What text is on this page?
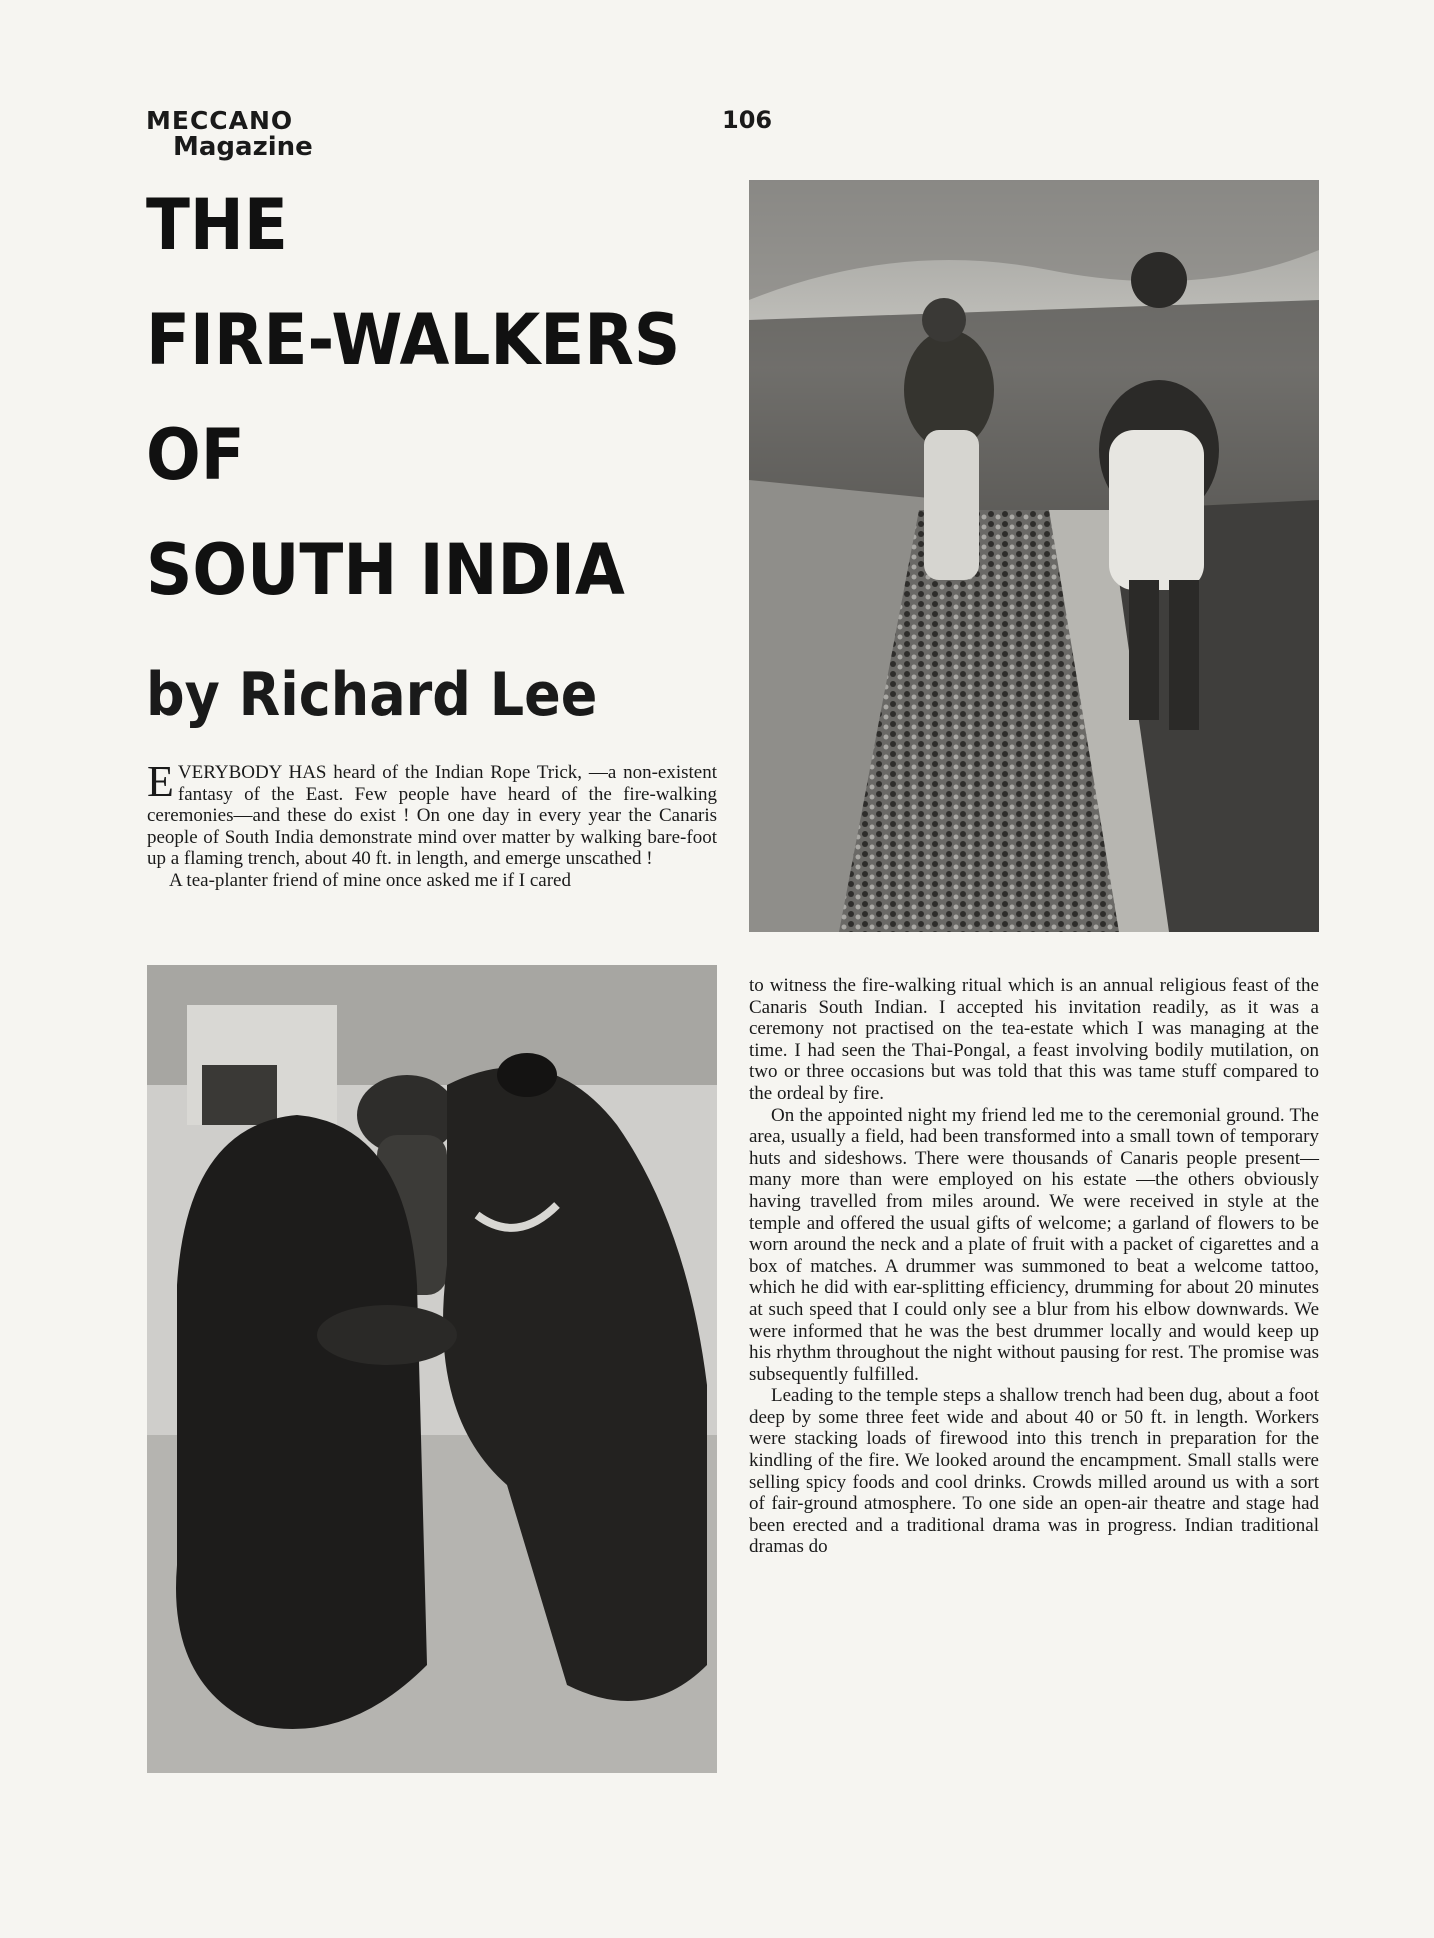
MECCANO
Magazine
106
THE
FIRE-WALKERS
OF
SOUTH INDIA
by Richard Lee

EVERYBODY HAS heard of the Indian Rope Trick, —a non-existent fantasy of the East. Few people have heard of the fire-walking ceremonies—and these do exist ! On one day in every year the Canaris people of South India demonstrate mind over matter by walking bare-foot up a flaming trench, about 40 ft. in length, and emerge unscathed !

A tea-planter friend of mine once asked me if I cared

to witness the fire-walking ritual which is an annual religious feast of the Canaris South Indian. I accepted his invitation readily, as it was a ceremony not practised on the tea-estate which I was managing at the time. I had seen the Thai-Pongal, a feast involving bodily mutilation, on two or three occasions but was told that this was tame stuff compared to the ordeal by fire.

On the appointed night my friend led me to the ceremonial ground. The area, usually a field, had been transformed into a small town of temporary huts and sideshows. There were thousands of Canaris people present—many more than were employed on his estate —the others obviously having travelled from miles around. We were received in style at the temple and offered the usual gifts of welcome; a garland of flowers to be worn around the neck and a plate of fruit with a packet of cigarettes and a box of matches. A drummer was summoned to beat a welcome tattoo, which he did with ear-splitting efficiency, drumming for about 20 minutes at such speed that I could only see a blur from his elbow downwards. We were informed that he was the best drummer locally and would keep up his rhythm throughout the night without pausing for rest. The promise was subsequently fulfilled.

Leading to the temple steps a shallow trench had been dug, about a foot deep by some three feet wide and about 40 or 50 ft. in length. Workers were stacking loads of firewood into this trench in preparation for the kindling of the fire. We looked around the encampment. Small stalls were selling spicy foods and cool drinks. Crowds milled around us with a sort of fair-ground atmosphere. To one side an open-air theatre and stage had been erected and a traditional drama was in progress. Indian traditional dramas do
